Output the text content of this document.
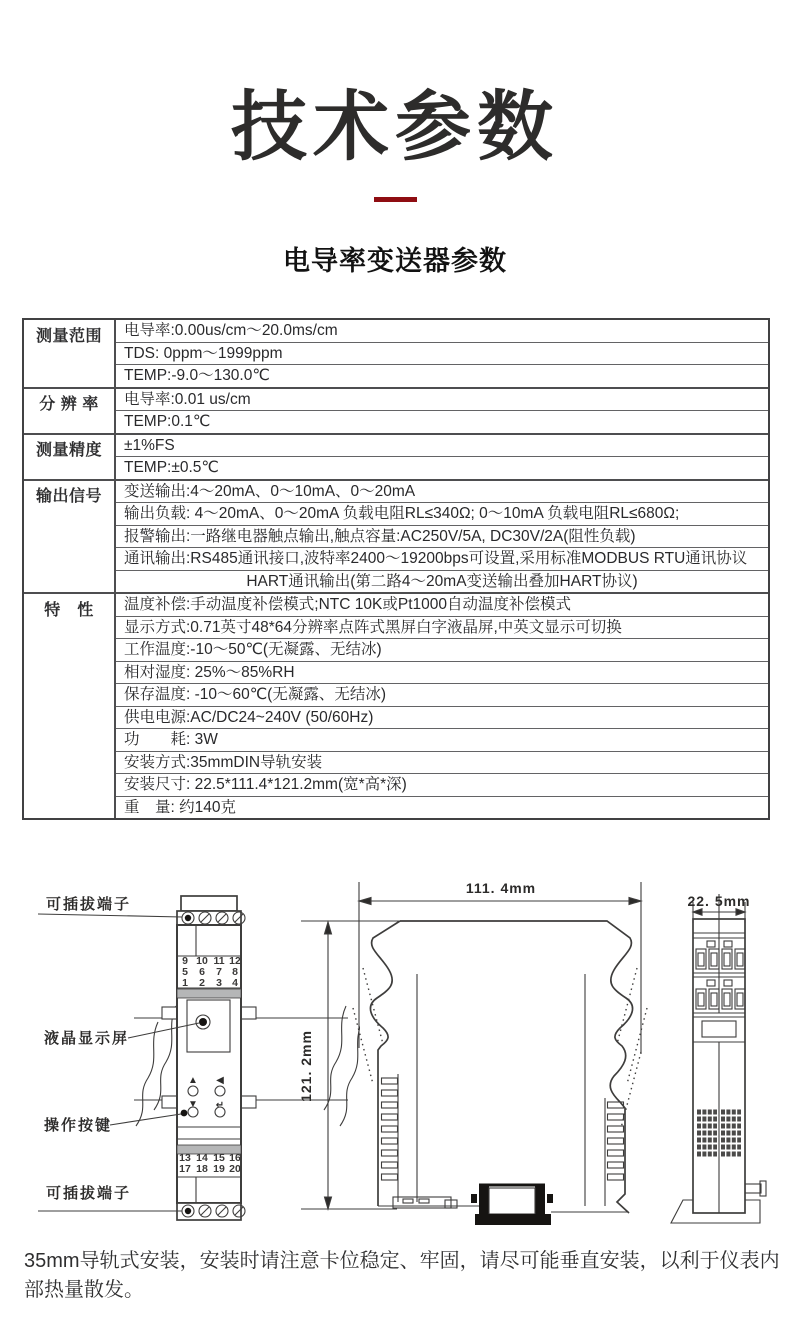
技术参数
电导率变送器参数
测量范围	电导率:0.00us/cm～20.0ms/cm
TDS: 0ppm～1999ppm
TEMP:-9.0～130.0℃
分 辨 率	电导率:0.01 us/cm
TEMP:0.1℃
测量精度	±1%FS
TEMP:±0.5℃
输出信号	变送输出:4～20mA、0～10mA、0～20mA
输出负载: 4～20mA、0～20mA 负载电阻RL≤340Ω; 0～10mA 负载电阻RL≤680Ω;
报警输出:一路继电器触点输出,触点容量:AC250V/5A, DC30V/2A(阻性负载)
通讯输出:RS485通讯接口,波特率2400～19200bps可设置,采用标准MODBUS RTU通讯协议
HART通讯输出(第二路4～20mA变送输出叠加HART协议)
特　性	温度补偿:手动温度补偿模式;NTC 10K或Pt1000自动温度补偿模式
显示方式:0.71英寸48*64分辨率点阵式黑屏白字液晶屏,中英文显示可切换
工作温度:-10～50℃(无凝露、无结冰)
相对湿度: 25%～85%RH
保存温度: -10～60℃(无凝露、无结冰)
供电电源:AC/DC24~240V (50/60Hz)
功　　耗: 3W
安装方式:35mmDIN导轨安装
安装尺寸: 22.5*111.4*121.2mm(宽*高*深)
重　量: 约140克
9 10 11 12
5 6 7 8
1 2 3 4
▲
▼
◀
↵
13 14 15 16
17 18 19 20
可插拔端子
液晶显示屏
操作按键
可插拔端子
111. 4mm
121. 2mm
22. 5mm

35mm导轨式安装，安装时请注意卡位稳定、牢固，请尽可能垂直安装，以利于仪表内部热量散发。
